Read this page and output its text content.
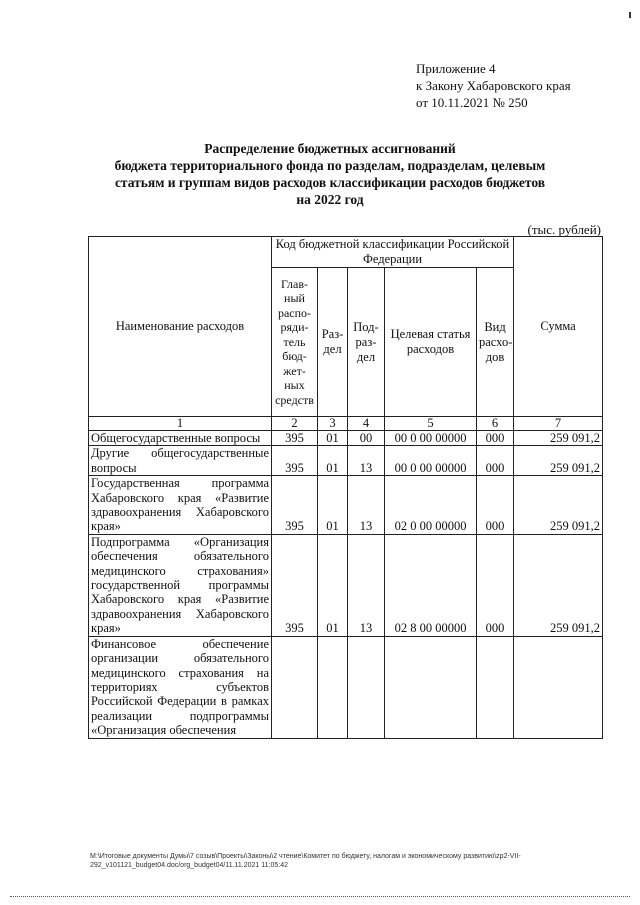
Приложение 4
к Закону Хабаровского края
от 10.11.2021 № 250
Распределение бюджетных ассигнований
бюджета территориального фонда по разделам, подразделам, целевым
статьям и группам видов расходов классификации расходов бюджетов
на 2022 год
(тыс. рублей)
Наименование расходов	Код бюджетной классификации Российской Федерации					Сумма
	Глав-ный распо-ряди-тель бюд-жет-ных средств	Раз-дел	Под-раз-дел	Целевая статья расходов	Вид расхо-дов	
1	2	3	4	5	6	7
Общегосударственные вопросы	395	01	00	00 0 00 00000	000	259 091,2
Другие общегосударственные вопросы	395	01	13	00 0 00 00000	000	259 091,2
Государственная программа Хабаровского края «Развитие здравоохранения Хабаровского края»	395	01	13	02 0 00 00000	000	259 091,2
Подпрограмма «Организация обеспечения обязательного медицинского страхования» государственной программы Хабаровского края «Развитие здравоохранения Хабаровского края»	395	01	13	02 8 00 00000	000	259 091,2
Финансовое обеспечение организации обязательного медицинского страхования на территориях субъектов Российской Федерации в рамках реализации подпрограммы «Организация обеспечения						
M:\Итоговые документы Думы\7 созыв\Проекты\Законы\2 чтение\Комитет по бюджету, налогам и экономическому развитию\zp2-VII-292_v101121_budget04.doc/org_budget04/11.11.2021 11:05:42
